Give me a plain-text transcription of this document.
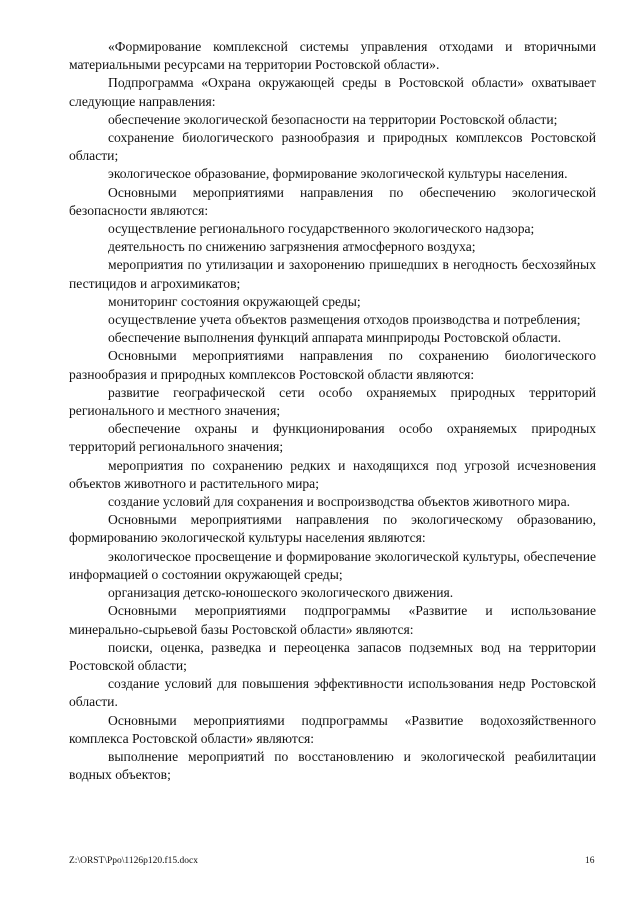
«Формирование комплексной системы управления отходами и вторичными материальными ресурсами на территории Ростовской области».

Подпрограмма «Охрана окружающей среды в Ростовской области» охватывает следующие направления:

обеспечение экологической безопасности на территории Ростовской области;

сохранение биологического разнообразия и природных комплексов Ростовской области;

экологическое образование, формирование экологической культуры населения.

Основными мероприятиями направления по обеспечению экологической безопасности являются:

осуществление регионального государственного экологического надзора;

деятельность по снижению загрязнения атмосферного воздуха;

мероприятия по утилизации и захоронению пришедших в негодность бесхозяйных пестицидов и агрохимикатов;

мониторинг состояния окружающей среды;

осуществление учета объектов размещения отходов производства и потребления;

обеспечение выполнения функций аппарата минприроды Ростовской области.

Основными мероприятиями направления по сохранению биологического разнообразия и природных комплексов Ростовской области являются:

развитие географической сети особо охраняемых природных территорий регионального и местного значения;

обеспечение охраны и функционирования особо охраняемых природных территорий регионального значения;

мероприятия по сохранению редких и находящихся под угрозой исчезновения объектов животного и растительного мира;

создание условий для сохранения и воспроизводства объектов животного мира.

Основными мероприятиями направления по экологическому образованию, формированию экологической культуры населения являются:

экологическое просвещение и формирование экологической культуры, обеспечение информацией о состоянии окружающей среды;

организация детско-юношеского экологического движения.

Основными мероприятиями подпрограммы «Развитие и использование минерально-сырьевой базы Ростовской области» являются:

поиски, оценка, разведка и переоценка запасов подземных вод на территории Ростовской области;

создание условий для повышения эффективности использования недр Ростовской области.

Основными мероприятиями подпрограммы «Развитие водохозяйственного комплекса Ростовской области» являются:

выполнение мероприятий по восстановлению и экологической реабилитации водных объектов;

Z:\ORST\Ppo\1126p120.f15.docx	16
